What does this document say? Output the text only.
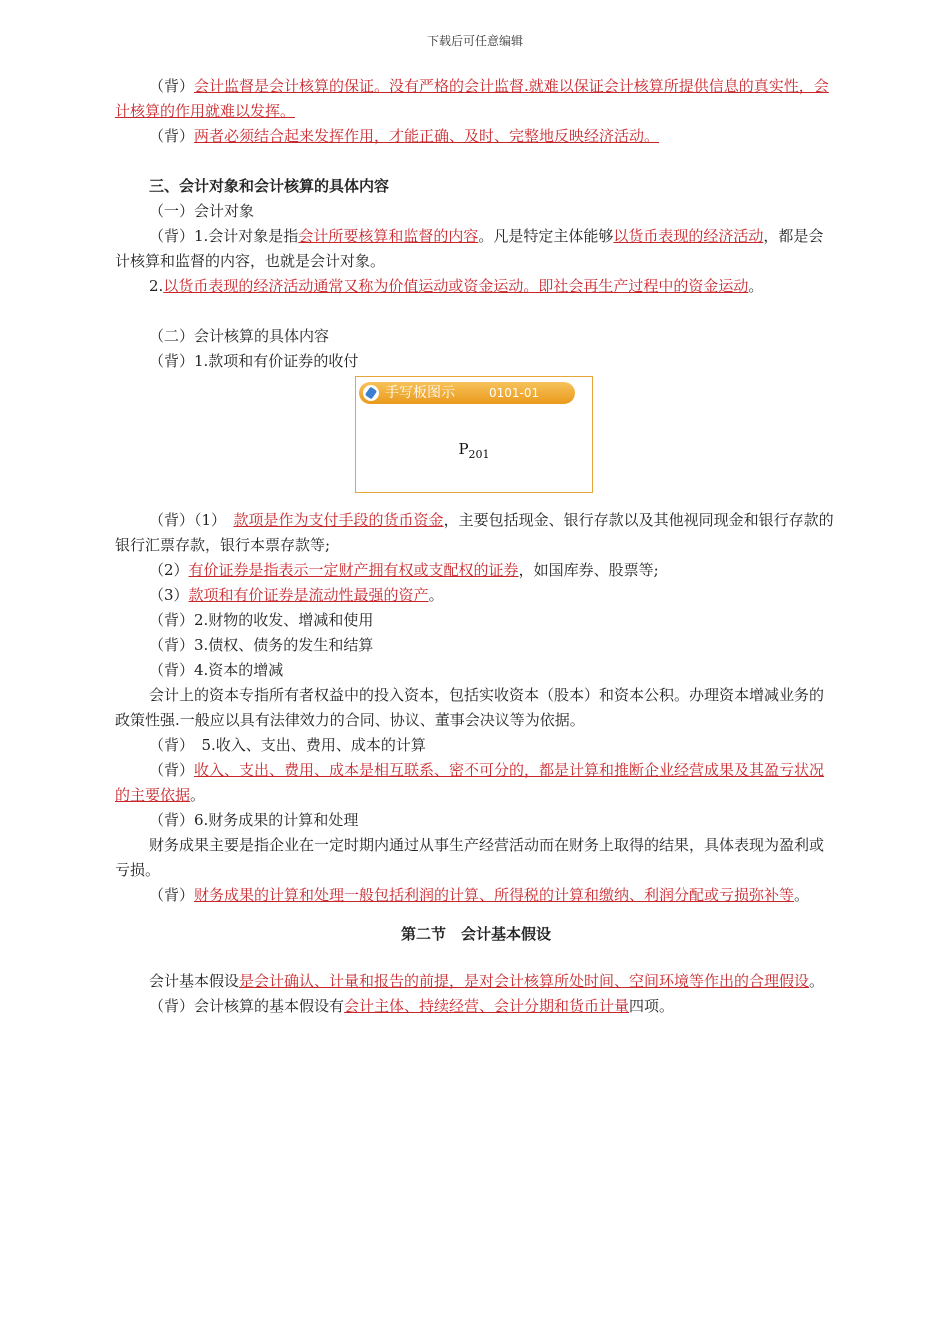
下载后可任意编辑

（背）会计监督是会计核算的保证。没有严格的会计监督.就难以保证会计核算所提供信息的真实性，会计核算的作用就难以发挥。

（背）两者必须结合起来发挥作用，才能正确、及时、完整地反映经济活动。

三、会计对象和会计核算的具体内容

（一）会计对象

（背）1.会计对象是指会计所要核算和监督的内容。凡是特定主体能够以货币表现的经济活动，都是会计核算和监督的内容，也就是会计对象。

2.以货币表现的经济活动通常又称为价值运动或资金运动。即社会再生产过程中的资金运动。

（二）会计核算的具体内容

（背）1.款项和有价证券的收付

手写板图示	0101-01
$P_{201}$

（背）（1）　款项是作为支付手段的货币资金，主要包括现金、银行存款以及其他视同现金和银行存款的银行汇票存款，银行本票存款等;

（2）有价证券是指表示一定财产拥有权或支配权的证券，如国库券、股票等;

（3）款项和有价证券是流动性最强的资产。

（背）2.财物的收发、增减和使用

（背）3.债权、债务的发生和结算

（背）4.资本的增减

会计上的资本专指所有者权益中的投入资本，包括实收资本（股本）和资本公积。办理资本增减业务的政策性强.一般应以具有法律效力的合同、协议、董事会决议等为依据。

（背）　5.收入、支出、费用、成本的计算

（背）收入、支出、费用、成本是相互联系、密不可分的，都是计算和推断企业经营成果及其盈亏状况的主要依据。

（背）6.财务成果的计算和处理

财务成果主要是指企业在一定时期内通过从事生产经营活动而在财务上取得的结果，具体表现为盈利或亏损。

（背）财务成果的计算和处理一般包括利润的计算、所得税的计算和缴纳、利润分配或亏损弥补等。

第二节　会计基本假设

会计基本假设是会计确认、计量和报告的前提，是对会计核算所处时间、空间环境等作出的合理假设。

（背）会计核算的基本假设有会计主体、持续经营、会计分期和货币计量四项。
